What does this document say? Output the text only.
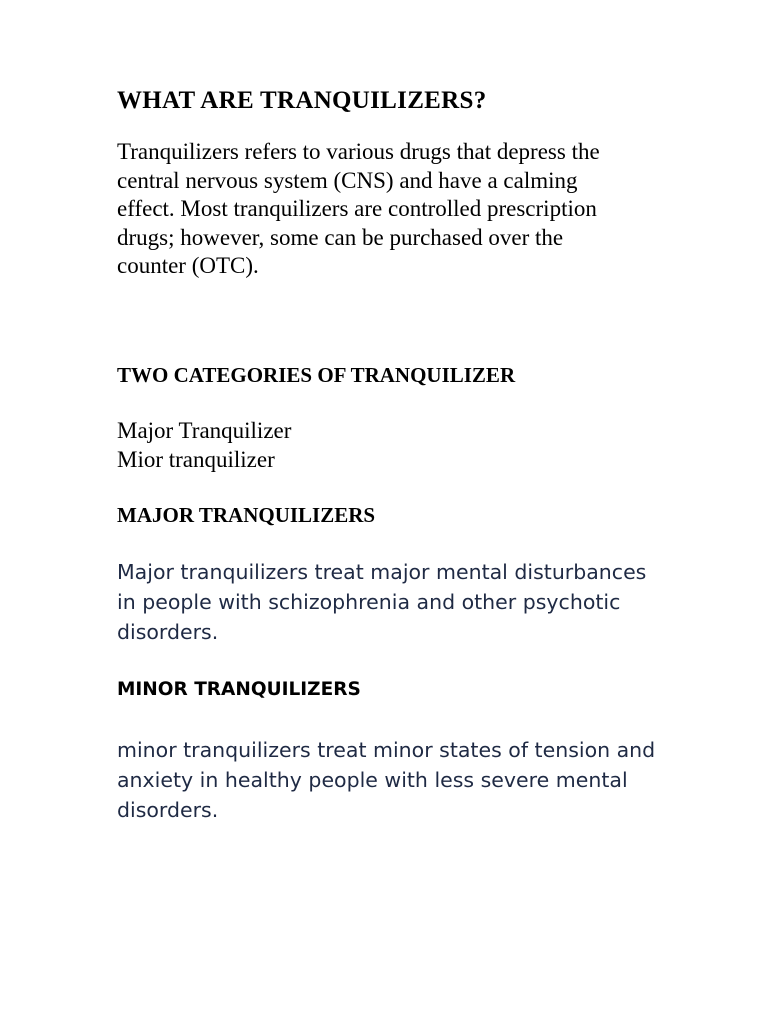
WHAT ARE TRANQUILIZERS?

Tranquilizers refers to various drugs that depress the central nervous system (CNS) and have a calming effect. Most tranquilizers are controlled prescription drugs; however, some can be purchased over the counter (OTC).

TWO CATEGORIES OF TRANQUILIZER
Major Tranquilizer
Mior tranquilizer
MAJOR TRANQUILIZERS

Major tranquilizers treat major mental disturbances in people with schizophrenia and other psychotic disorders.

MINOR TRANQUILIZERS

minor tranquilizers treat minor states of tension and anxiety in healthy people with less severe mental disorders.
